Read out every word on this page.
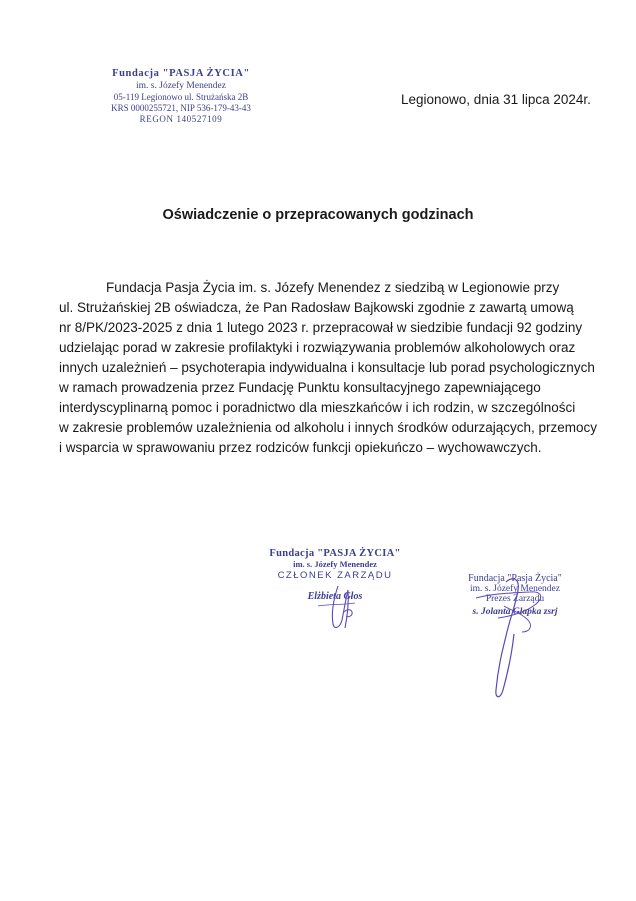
Fundacja "PASJA ŻYCIA"
im. s. Józefy Menendez
05-119 Legionowo ul. Strużańska 2B
KRS 0000255721, NIP 536-179-43-43
REGON 140527109
Legionowo, dnia 31 lipca 2024r.
Oświadczenie o przepracowanych godzinach
Fundacja Pasja Życia im. s. Józefy Menendez z siedzibą w Legionowie przy
ul. Strużańskiej 2B oświadcza, że Pan Radosław Bajkowski zgodnie z zawartą umową
nr 8/PK/2023-2025 z dnia 1 lutego 2023 r. przepracował w siedzibie fundacji 92 godziny
udzielając porad w zakresie profilaktyki i rozwiązywania problemów alkoholowych oraz
innych uzależnień – psychoterapia indywidualna i konsultacje lub porad psychologicznych
w ramach prowadzenia przez Fundację Punktu konsultacyjnego zapewniającego
interdyscyplinarną pomoc i poradnictwo dla mieszkańców i ich rodzin, w szczególności
w zakresie problemów uzależnienia od alkoholu i innych środków odurzających, przemocy
i wsparcia w sprawowaniu przez rodziców funkcji opiekuńczo – wychowawczych.
Fundacja "PASJA ŻYCIA"
im. s. Józefy Menendez
CZŁONEK ZARZĄDU
Elżbieta Głos
Fundacja "Pasja Życia"
im. s. Józefy Menendez
Prezes Zarządu
s. Jolanta Glapka zsrj
